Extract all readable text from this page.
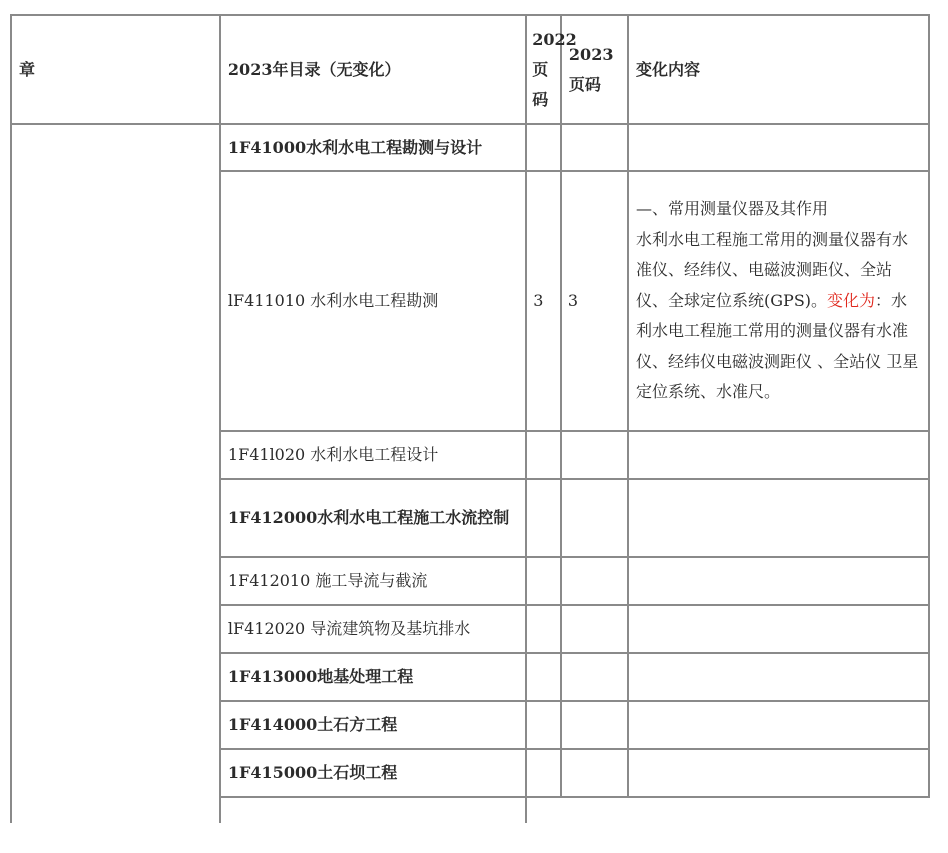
章	2023年目录（无变化）	2022页码	2023页码	变化内容
	1F41000水利水电工程勘测与设计			
	lF411010 水利水电工程勘测	3	3	—、常用测量仪器及其作用
水利水电工程施工常用的测量仪器有水准仪、经纬仪、电磁波测距仪、全站仪、全球定位系统(GPS)。变化为：水利水电工程施工常用的测量仪器有水准仪、经纬仪电磁波测距仪 、全站仪 卫星定位系统、水准尺。
	1F41l020 水利水电工程设计			
	1F412000水利水电工程施工水流控制			
	1F412010 施工导流与截流			
	lF412020 导流建筑物及基坑排水			
	1F413000地基处理工程			
	1F414000土石方工程			
	1F415000土石坝工程			
